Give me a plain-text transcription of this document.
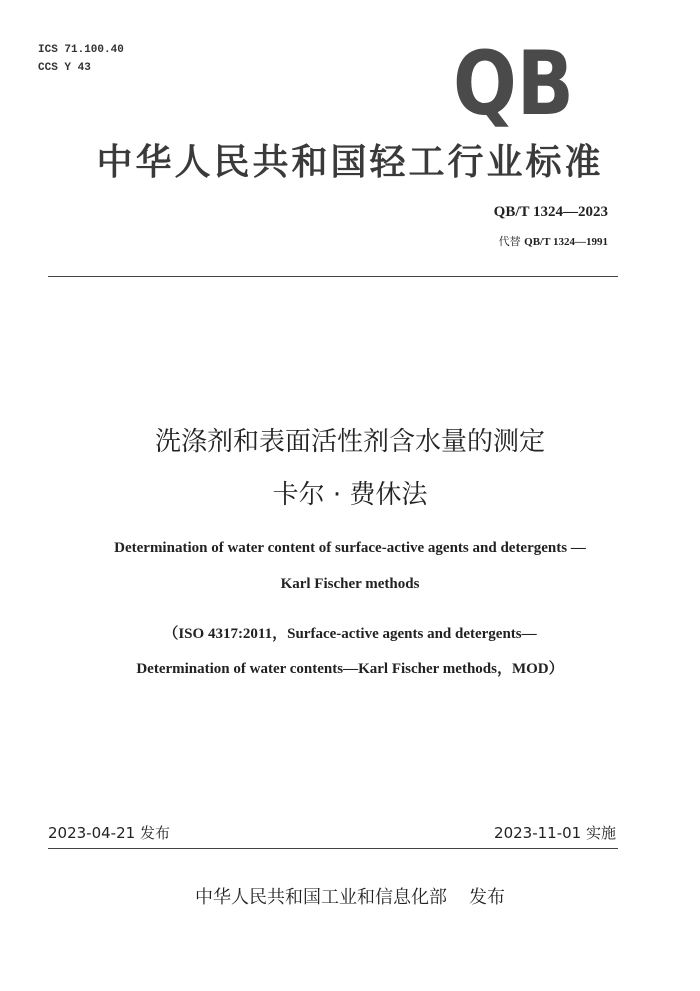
ICS 71.100.40
CCS Y 43	QB
中华人民共和国轻工行业标准
QB/T 1324—2023
代替 QB/T 1324—1991
洗涤剂和表面活性剂含水量的测定
卡尔 · 费休法
Determination of water content of surface-active agents and detergents —
Karl Fischer methods
（ISO 4317:2011，Surface-active agents and detergents—
Determination of water contents—Karl Fischer methods，MOD）
2023-04-21 发布	2023-11-01 实施
中华人民共和国工业和信息化部 发布
